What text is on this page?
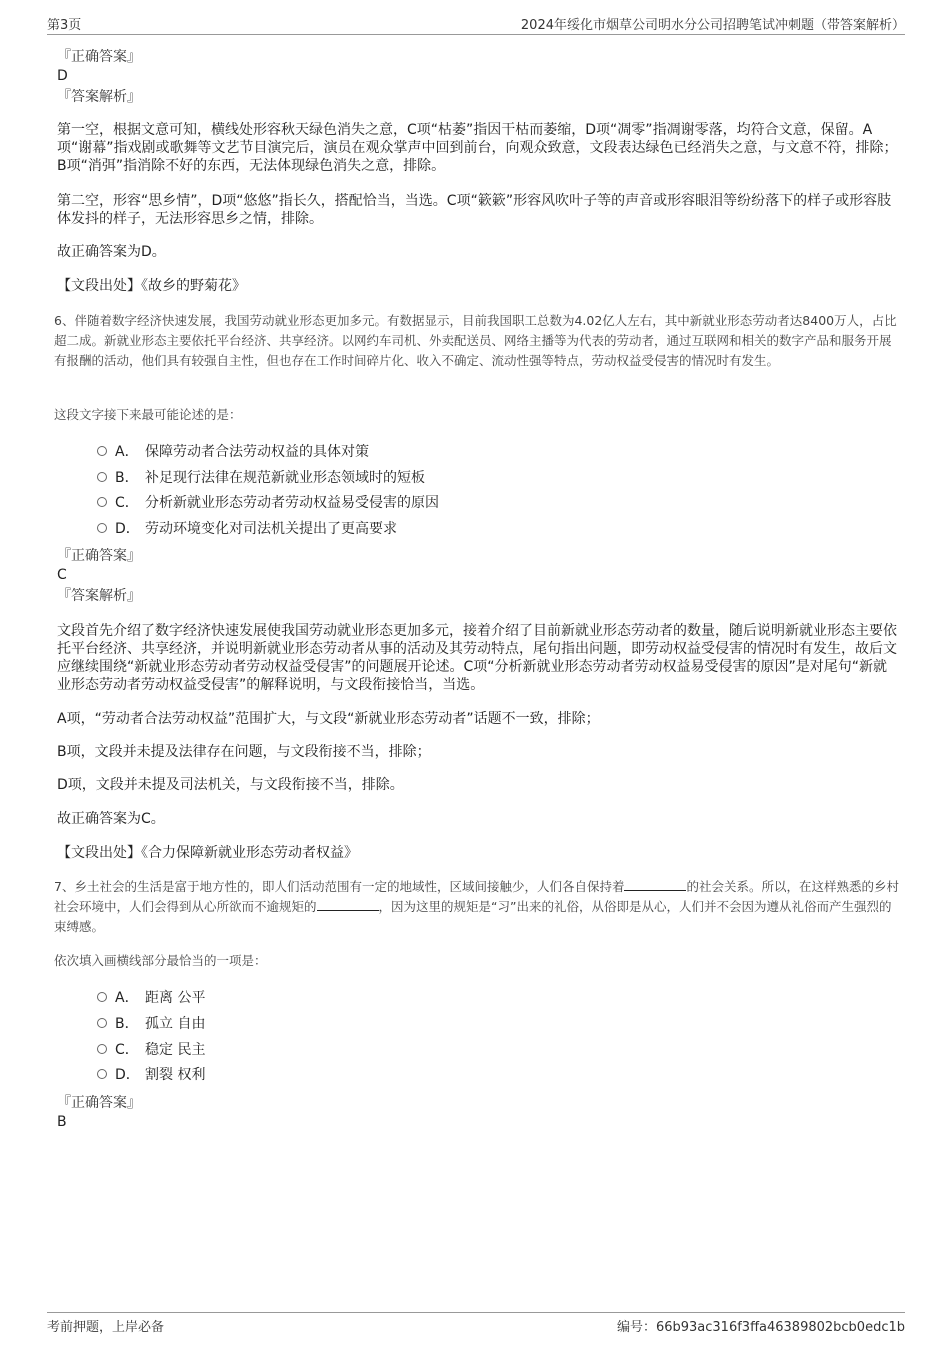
第3页	2024年绥化市烟草公司明水分公司招聘笔试冲刺题（带答案解析）
『正确答案』
D
『答案解析』
第一空，根据文意可知，横线处形容秋天绿色消失之意，C项“枯萎”指因干枯而萎缩，D项“凋零”指凋谢零落，均符合文意，保留。A项“谢幕”指戏剧或歌舞等文艺节目演完后，演员在观众掌声中回到前台，向观众致意，文段表达绿色已经消失之意，与文意不符，排除；B项“消弭”指消除不好的东西，无法体现绿色消失之意，排除。
第二空，形容“思乡情”，D项“悠悠”指长久，搭配恰当，当选。C项“簌簌”形容风吹叶子等的声音或形容眼泪等纷纷落下的样子或形容肢体发抖的样子，无法形容思乡之情，排除。
故正确答案为D。
【文段出处】《故乡的野菊花》
6、伴随着数字经济快速发展，我国劳动就业形态更加多元。有数据显示，目前我国职工总数为4.02亿人左右，其中新就业形态劳动者达8400万人，占比超二成。新就业形态主要依托平台经济、共享经济。以网约车司机、外卖配送员、网络主播等为代表的劳动者，通过互联网和相关的数字产品和服务开展有报酬的活动，他们具有较强自主性，但也存在工作时间碎片化、收入不确定、流动性强等特点，劳动权益受侵害的情况时有发生。
这段文字接下来最可能论述的是：
A． 保障劳动者合法劳动权益的具体对策
B． 补足现行法律在规范新就业形态领域时的短板
C． 分析新就业形态劳动者劳动权益易受侵害的原因
D． 劳动环境变化对司法机关提出了更高要求
『正确答案』
C
『答案解析』
文段首先介绍了数字经济快速发展使我国劳动就业形态更加多元，接着介绍了目前新就业形态劳动者的数量，随后说明新就业形态主要依托平台经济、共享经济，并说明新就业形态劳动者从事的活动及其劳动特点，尾句指出问题，即劳动权益受侵害的情况时有发生，故后文应继续围绕“新就业形态劳动者劳动权益受侵害”的问题展开论述。C项“分析新就业形态劳动者劳动权益易受侵害的原因”是对尾句“新就业形态劳动者劳动权益受侵害”的解释说明，与文段衔接恰当，当选。
A项，“劳动者合法劳动权益”范围扩大，与文段“新就业形态劳动者”话题不一致，排除；
B项，文段并未提及法律存在问题，与文段衔接不当，排除；
D项，文段并未提及司法机关，与文段衔接不当，排除。
故正确答案为C。
【文段出处】《合力保障新就业形态劳动者权益》
7、乡土社会的生活是富于地方性的，即人们活动范围有一定的地域性，区域间接触少，人们各自保持着	的社会关系。所以，在这样熟悉的乡村社会环境中，人们会得到从心所欲而不逾规矩的	，因为这里的规矩是“习”出来的礼俗，从俗即是从心，人们并不会因为遵从礼俗而产生强烈的束缚感。
依次填入画横线部分最恰当的一项是：
A． 距离 公平
B． 孤立 自由
C． 稳定 民主
D． 割裂 权利
『正确答案』
B
考前押题，上岸必备	编号：66b93ac316f3ffa46389802bcb0edc1b
